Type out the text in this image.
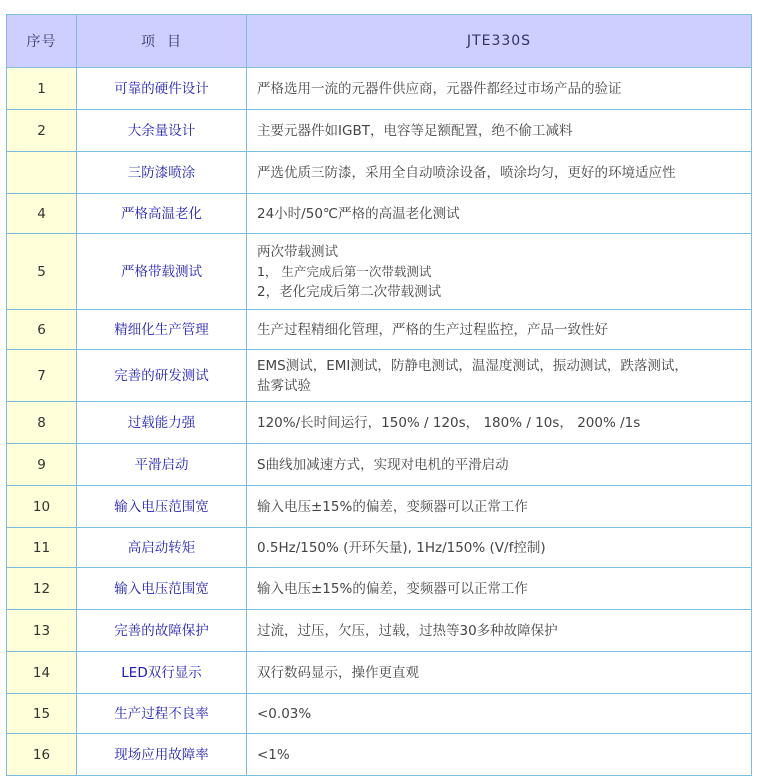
序号	项  目	JTE330S
1	可靠的硬件设计	严格选用一流的元器件供应商，元器件都经过市场产品的验证

2	大余量设计	主要元器件如IGBT，电容等足额配置，绝不偷工减料

	三防漆喷涂	严选优质三防漆，采用全自动喷涂设备，喷涂均匀，更好的环境适应性

4	严格高温老化	24小时/50℃严格的高温老化测试

5	严格带载测试	两次带载测试
1， 生产完成后第一次带载测试
2，老化完成后第二次带载测试

6	精细化生产管理	生产过程精细化管理，严格的生产过程监控，产品一致性好

7	完善的研发测试	EMS测试，EMI测试，防静电测试，温湿度测试，振动测试，跌落测试，
盐雾试验

8	过载能力强	120%/长时间运行，150% / 120s， 180% / 10s， 200% /1s

9	平滑启动	S曲线加减速方式，实现对电机的平滑启动

10	输入电压范围宽	输入电压±15%的偏差，变频器可以正常工作

11	高启动转矩	0.5Hz/150% (开环矢量), 1Hz/150% (V/f控制)

12	输入电压范围宽	输入电压±15%的偏差，变频器可以正常工作

13	完善的故障保护	过流，过压，欠压，过载，过热等30多种故障保护

14	LED双行显示	双行数码显示，操作更直观

15	生产过程不良率	<0.03%

16	现场应用故障率	<1%
